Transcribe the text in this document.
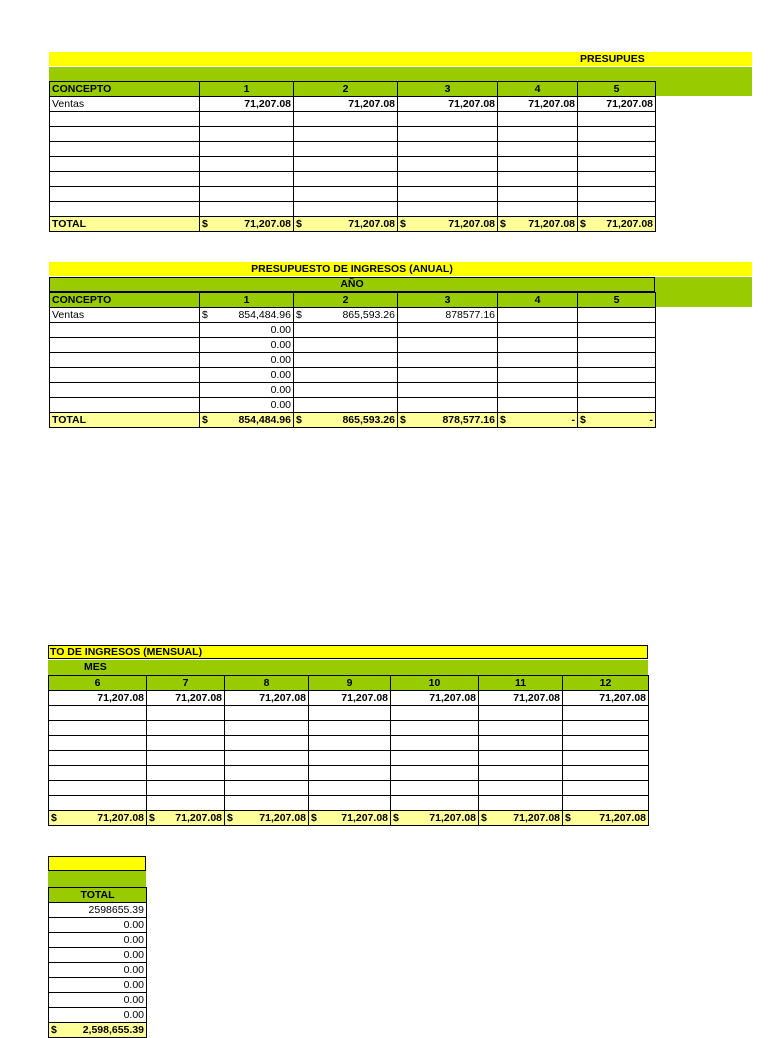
PRESUPUES
CONCEPTO	1	2	3	4	5
Ventas	71,207.08	71,207.08	71,207.08	71,207.08	71,207.08

TOTAL	$ 71,207.08	$ 71,207.08	$ 71,207.08	$ 71,207.08	$ 71,207.08
PRESUPUESTO DE INGRESOS (ANUAL)
AÑO
CONCEPTO	1	2	3	4	5
Ventas	$ 854,484.96	$ 865,593.26	878577.16		
	0.00				
	0.00				
	0.00				
	0.00				
	0.00				
	0.00				
TOTAL	$ 854,484.96	$ 865,593.26	$ 878,577.16	$ -	$ -
TO DE INGRESOS (MENSUAL)
MES
6	7	8	9	10	11	12
71,207.08	71,207.08	71,207.08	71,207.08	71,207.08	71,207.08	71,207.08

$ 71,207.08	$ 71,207.08	$ 71,207.08	$ 71,207.08	$ 71,207.08	$ 71,207.08	$ 71,207.08
TOTAL
2598655.39
0.00
0.00
0.00
0.00
0.00
0.00
0.00

$ 2,598,655.39
